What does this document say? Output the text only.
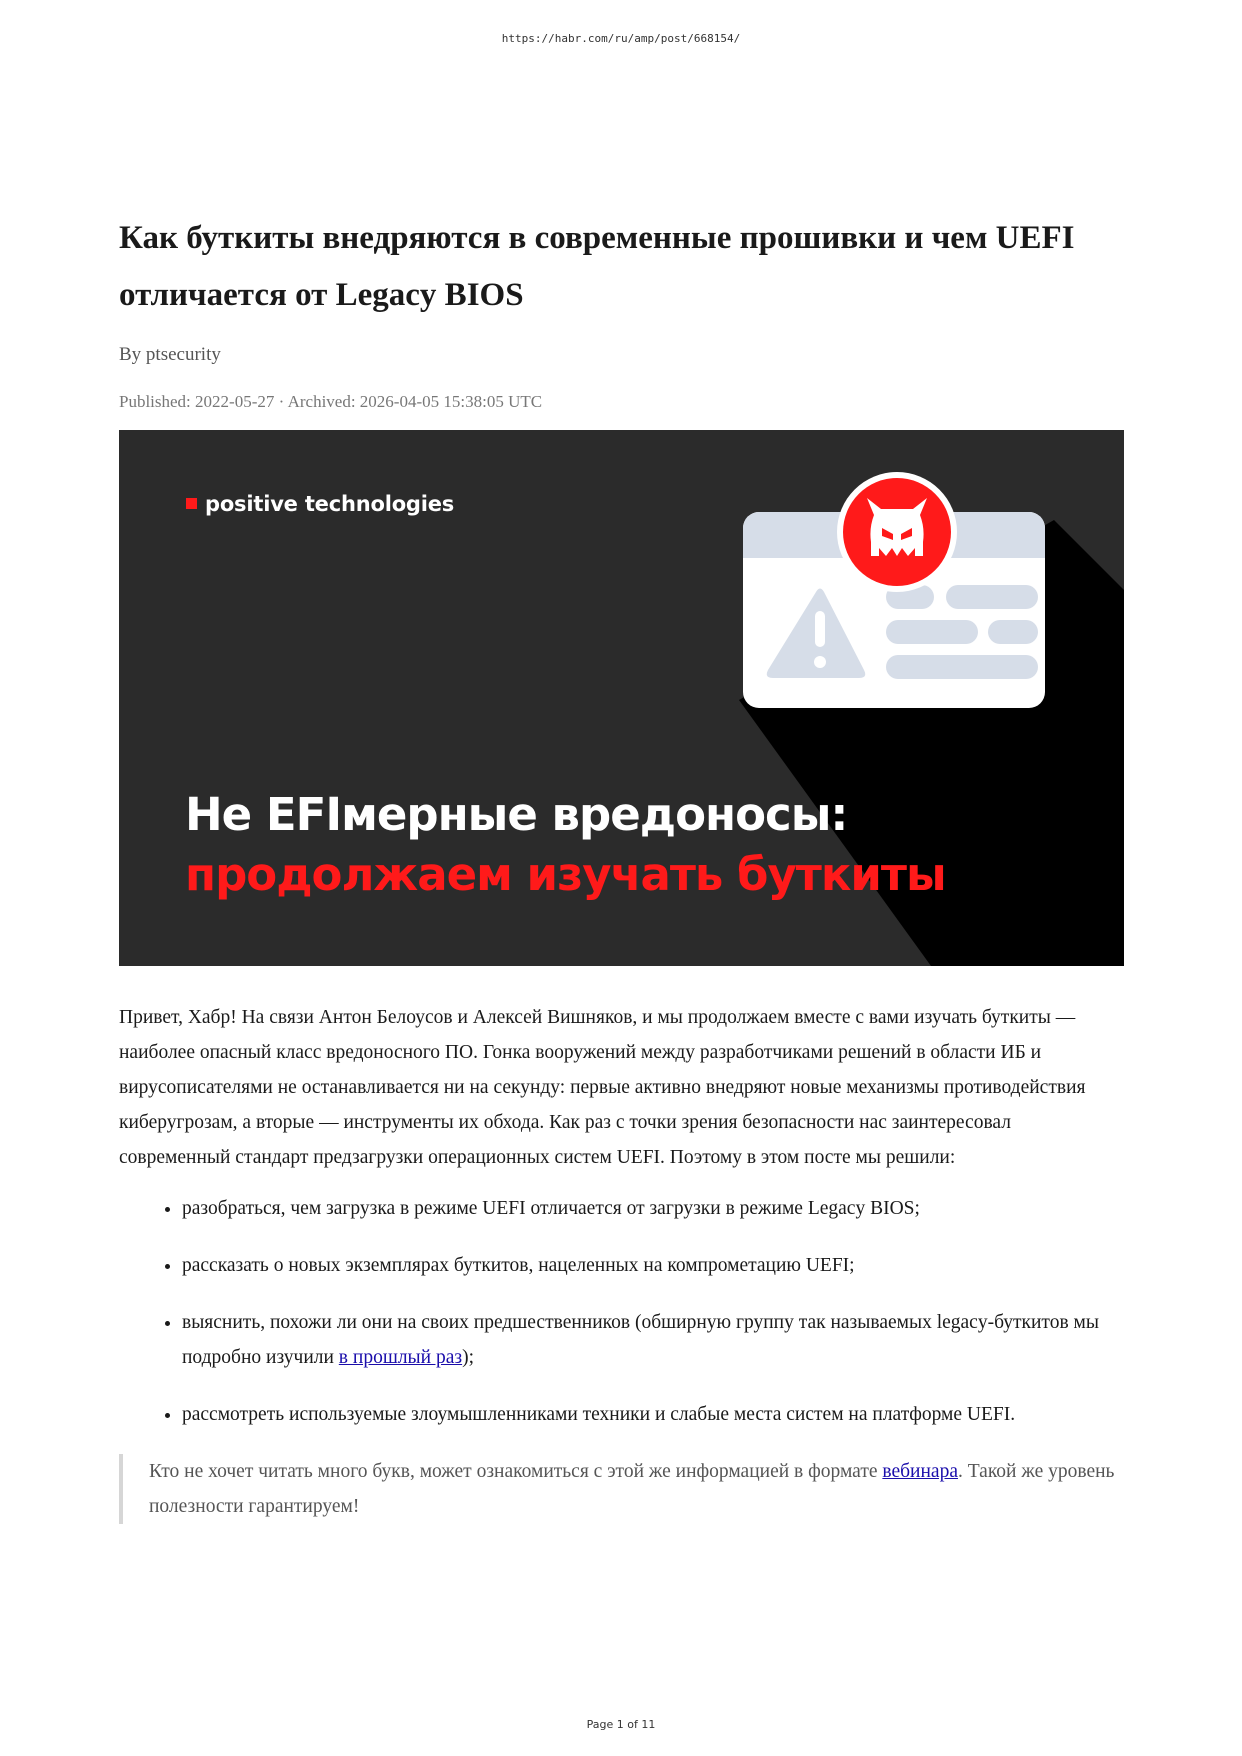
https://habr.com/ru/amp/post/668154/
Как буткиты внедряются в современные прошивки и чем UEFI отличается от Legacy BIOS
By ptsecurity
Published: 2022-05-27 · Archived: 2026-04-05 15:38:05 UTC
positive technologies
Не EFIмерные вредоносы:
продолжаем изучать буткиты

Привет, Хабр! На связи Антон Белоусов и Алексей Вишняков, и мы продолжаем вместе с вами изучать буткиты — наиболее опасный класс вредоносного ПО. Гонка вооружений между разработчиками решений в области ИБ и вирусописателями не останавливается ни на секунду: первые активно внедряют новые механизмы противодействия киберугрозам, а вторые — инструменты их обхода. Как раз с точки зрения безопасности нас заинтересовал современный стандарт предзагрузки операционных систем UEFI. Поэтому в этом посте мы решили:

• разобраться, чем загрузка в режиме UEFI отличается от загрузки в режиме Legacy BIOS;
• рассказать о новых экземплярах буткитов, нацеленных на компрометацию UEFI;
• выяснить, похожи ли они на своих предшественников (обширную группу так называемых legacy-буткитов мы подробно изучили в прошлый раз);
• рассмотреть используемые злоумышленниками техники и слабые места систем на платформе UEFI.
Кто не хочет читать много букв, может ознакомиться с этой же информацией в формате вебинара. Такой же уровень полезности гарантируем!
Page 1 of 11
